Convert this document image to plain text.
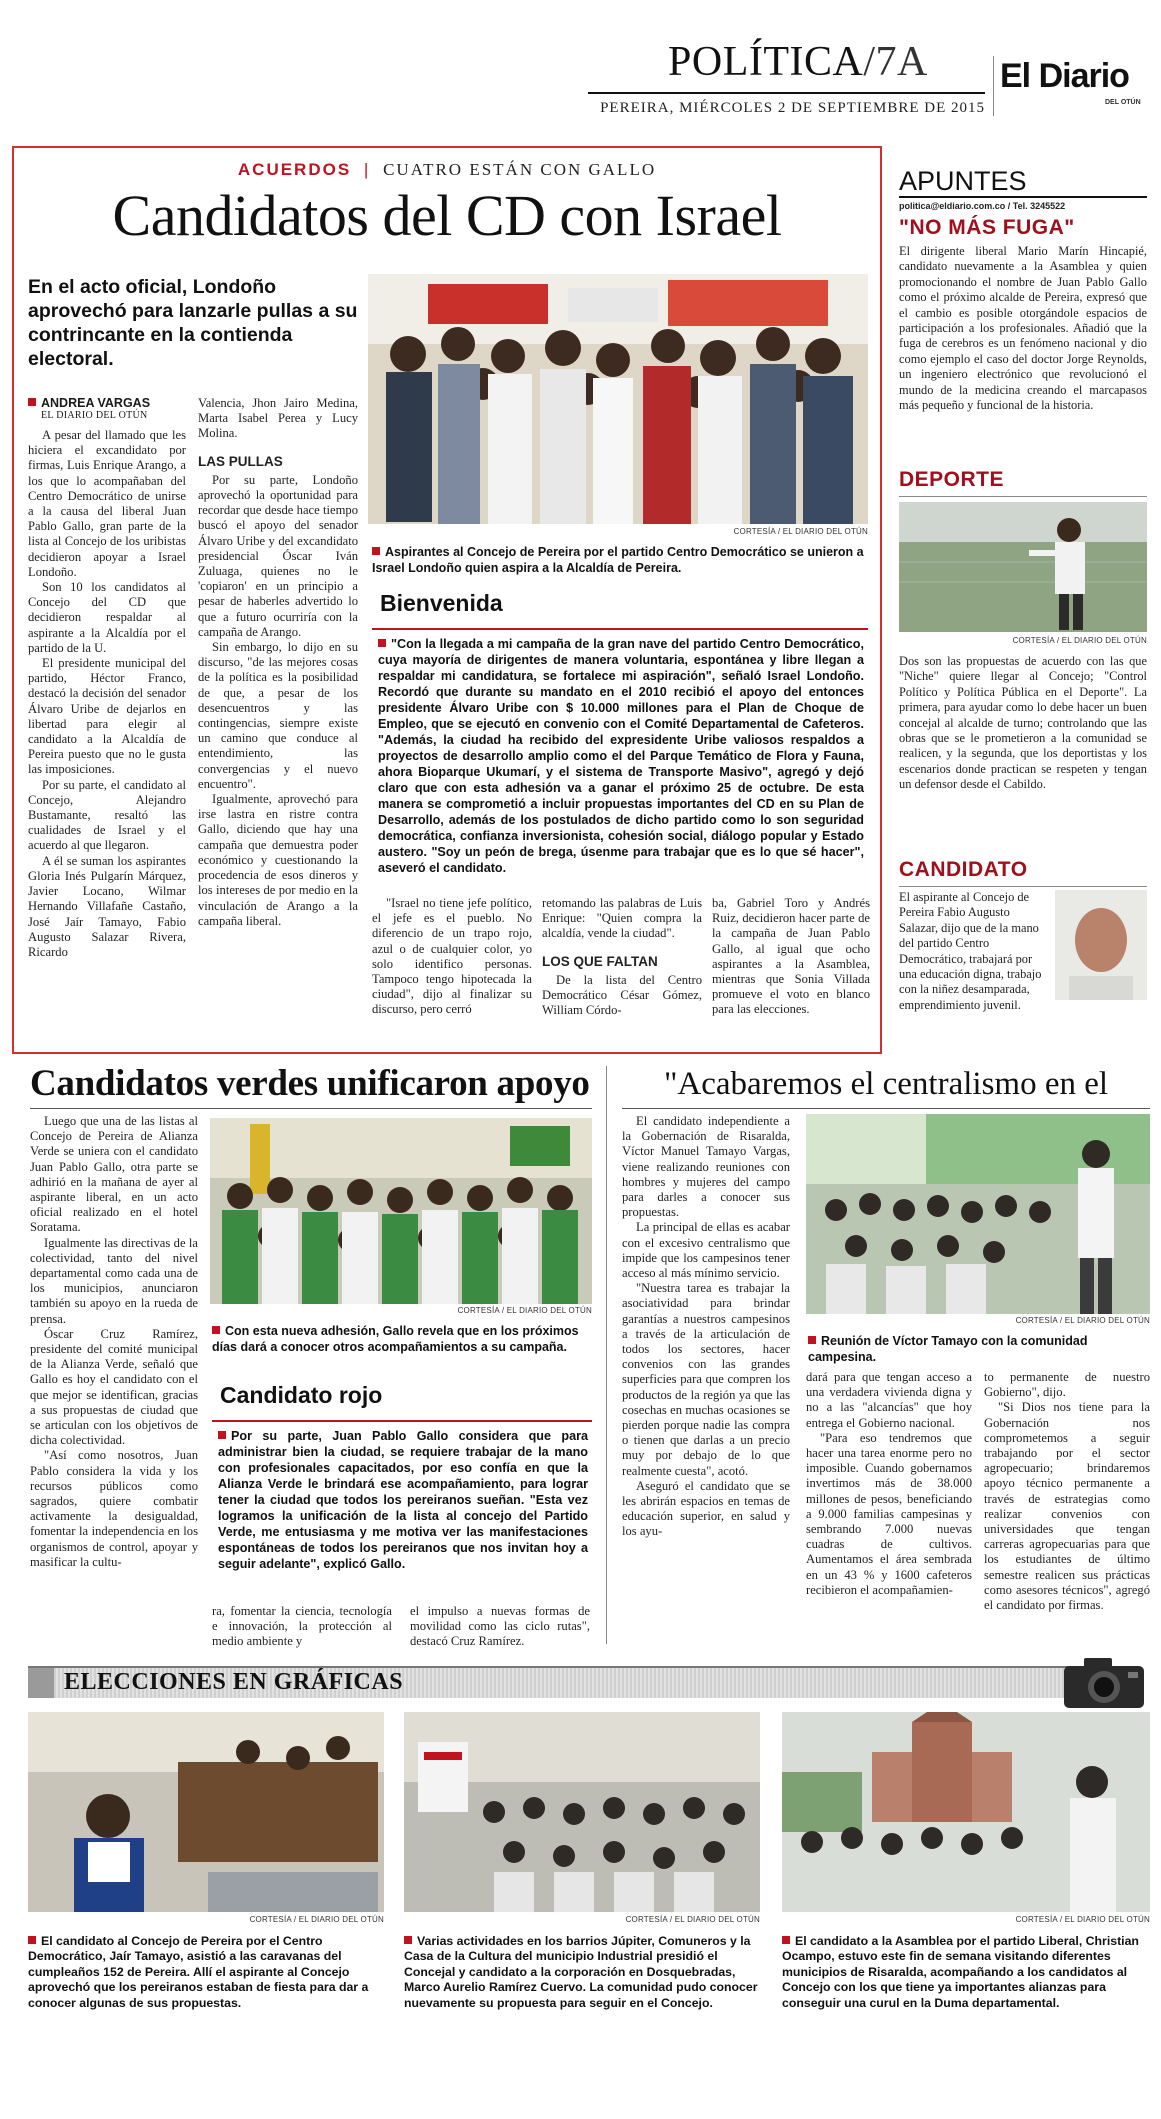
POLÍTICA/7A
PEREIRA, MIÉRCOLES 2 DE SEPTIEMBRE DE 2015
El Diario
DEL OTÚN
ACUERDOS | CUATRO ESTÁN CON GALLO
Candidatos del CD con Israel
En el acto oficial, Londoño aprovechó para lanzarle pullas a su contrincante en la contienda electoral.
ANDREA VARGAS
EL DIARIO DEL OTÚN

A pesar del llamado que les hiciera el excandidato por firmas, Luis Enrique Arango, a los que lo acompañaban del Centro Democrático de unirse a la causa del liberal Juan Pablo Gallo, gran parte de la lista al Concejo de los uribistas decidieron apoyar a Israel Londoño.

Son 10 los candidatos al Concejo del CD que decidieron respaldar al aspirante a la Alcaldía por el partido de la U.

El presidente municipal del partido, Héctor Franco, destacó la decisión del senador Álvaro Uribe de dejarlos en libertad para elegir al candidato a la Alcaldía de Pereira puesto que no le gusta las imposiciones.

Por su parte, el candidato al Concejo, Alejandro Bustamante, resaltó las cualidades de Israel y el acuerdo al que llegaron.

A él se suman los aspirantes Gloria Inés Pulgarín Márquez, Javier Locano, Wilmar Hernando Villafañe Castaño, José Jaír Tamayo, Fabio Augusto Salazar Rivera, Ricardo

Valencia, Jhon Jairo Medina, Marta Isabel Perea y Lucy Molina.

LAS PULLAS

Por su parte, Londoño aprovechó la oportunidad para recordar que desde hace tiempo buscó el apoyo del senador Álvaro Uribe y del excandidato presidencial Óscar Iván Zuluaga, quienes no le 'copiaron' en un principio a pesar de haberles advertido lo que a futuro ocurriría con la campaña de Arango.

Sin embargo, lo dijo en su discurso, "de las mejores cosas de la política es la posibilidad de que, a pesar de los desencuentros y las contingencias, siempre existe un camino que conduce al entendimiento, las convergencias y el nuevo encuentro".

Igualmente, aprovechó para irse lastra en ristre contra Gallo, diciendo que hay una campaña que demuestra poder económico y cuestionando la procedencia de esos dineros y los intereses de por medio en la vinculación de Arango a la campaña liberal.

CORTESÍA / EL DIARIO DEL OTÚN
Aspirantes al Concejo de Pereira por el partido Centro Democrático se unieron a Israel Londoño quien aspira a la Alcaldía de Pereira.
Bienvenida
"Con la llegada a mi campaña de la gran nave del partido Centro Democrático, cuya mayoría de dirigentes de manera voluntaria, espontánea y libre llegan a respaldar mi candidatura, se fortalece mi aspiración", señaló Israel Londoño. Recordó que durante su mandato en el 2010 recibió el apoyo del entonces presidente Álvaro Uribe con $ 10.000 millones para el Plan de Choque de Empleo, que se ejecutó en convenio con el Comité Departamental de Cafeteros. "Además, la ciudad ha recibido del expresidente Uribe valiosos respaldos a proyectos de desarrollo amplio como el del Parque Temático de Flora y Fauna, ahora Bioparque Ukumarí, y el sistema de Transporte Masivo", agregó y dejó claro que con esta adhesión va a ganar el próximo 25 de octubre. De esta manera se comprometió a incluir propuestas importantes del CD en su Plan de Desarrollo, además de los postulados de dicho partido como lo son seguridad democrática, confianza inversionista, cohesión social, diálogo popular y Estado austero. "Soy un peón de brega, úsenme para trabajar que es lo que sé hacer", aseveró el candidato.

"Israel no tiene jefe político, el jefe es el pueblo. No diferencio de un trapo rojo, azul o de cualquier color, yo solo identifico personas. Tampoco tengo hipotecada la ciudad", dijo al finalizar su discurso, pero cerró

retomando las palabras de Luis Enrique: "Quien compra la alcaldía, vende la ciudad".

LOS QUE FALTAN

De la lista del Centro Democrático César Gómez, William Córdo-

ba, Gabriel Toro y Andrés Ruiz, decidieron hacer parte de la campaña de Juan Pablo Gallo, al igual que ocho aspirantes a la Asamblea, mientras que Sonia Villada promueve el voto en blanco para las elecciones.

APUNTES
politica@eldiario.com.co / Tel. 3245522
"NO MÁS FUGA"

El dirigente liberal Mario Marín Hincapié, candidato nuevamente a la Asamblea y quien promocionando el nombre de Juan Pablo Gallo como el próximo alcalde de Pereira, expresó que el cambio es posible otorgándole espacios de participación a los profesionales. Añadió que la fuga de cerebros es un fenómeno nacional y dio como ejemplo el caso del doctor Jorge Reynolds, un ingeniero electrónico que revolucionó el mundo de la medicina creando el marcapasos más pequeño y funcional de la historia.

DEPORTE
CORTESÍA / EL DIARIO DEL OTÚN

Dos son las propuestas de acuerdo con las que "Niche" quiere llegar al Concejo; "Control Político y Política Pública en el Deporte". La primera, para ayudar como lo debe hacer un buen concejal al alcalde de turno; controlando que las obras que se le prometieron a la comunidad se realicen, y la segunda, que los deportistas y los escenarios donde practican se respeten y tengan un defensor desde el Cabildo.

CANDIDATO

El aspirante al Concejo de Pereira Fabio Augusto Salazar, dijo que de la mano del partido Centro Democrático, trabajará por una educación digna, trabajo con la niñez desamparada, emprendimiento juvenil.

Candidatos verdes unificaron apoyo

Luego que una de las listas al Concejo de Pereira de Alianza Verde se uniera con el candidato Juan Pablo Gallo, otra parte se adhirió en la mañana de ayer al aspirante liberal, en un acto oficial realizado en el hotel Soratama.

Igualmente las directivas de la colectividad, tanto del nivel departamental como cada una de los municipios, anunciaron también su apoyo en la rueda de prensa.

Óscar Cruz Ramírez, presidente del comité municipal de la Alianza Verde, señaló que Gallo es hoy el candidato con el que mejor se identifican, gracias a sus propuestas de ciudad que se articulan con los objetivos de dicha colectividad.

"Así como nosotros, Juan Pablo considera la vida y los recursos públicos como sagrados, quiere combatir activamente la desigualdad, fomentar la independencia en los organismos de control, apoyar y masificar la cultu-

CORTESÍA / EL DIARIO DEL OTÚN
Con esta nueva adhesión, Gallo revela que en los próximos días dará a conocer otros acompañamientos a su campaña.
Candidato rojo
Por su parte, Juan Pablo Gallo considera que para administrar bien la ciudad, se requiere trabajar de la mano con profesionales capacitados, por eso confía en que la Alianza Verde le brindará ese acompañamiento, para lograr tener la ciudad que todos los pereiranos sueñan. "Esta vez logramos la unificación de la lista al concejo del Partido Verde, me entusiasma y me motiva ver las manifestaciones espontáneas de todos los pereiranos que nos invitan hoy a seguir adelante", explicó Gallo.

ra, fomentar la ciencia, tecnología e innovación, la protección al medio ambiente y

el impulso a nuevas formas de movilidad como las ciclo rutas", destacó Cruz Ramírez.

"Acabaremos el centralismo en el

El candidato independiente a la Gobernación de Risaralda, Víctor Manuel Tamayo Vargas, viene realizando reuniones con hombres y mujeres del campo para darles a conocer sus propuestas.

La principal de ellas es acabar con el excesivo centralismo que impide que los campesinos tener acceso al más mínimo servicio.

"Nuestra tarea es trabajar la asociatividad para brindar garantías a nuestros campesinos a través de la articulación de todos los sectores, hacer convenios con las grandes superficies para que compren los productos de la región ya que las cosechas en muchas ocasiones se pierden porque nadie las compra o tienen que darlas a un precio muy por debajo de lo que realmente cuesta", acotó.

Aseguró el candidato que se les abrirán espacios en temas de educación superior, en salud y los ayu-

CORTESÍA / EL DIARIO DEL OTÚN
Reunión de Víctor Tamayo con la comunidad campesina.

dará para que tengan acceso a una verdadera vivienda digna y no a las "alcancías" que hoy entrega el Gobierno nacional.

"Para eso tendremos que hacer una tarea enorme pero no imposible. Cuando gobernamos invertimos más de 38.000 millones de pesos, beneficiando a 9.000 familias campesinas y sembrando 7.000 nuevas cuadras de cultivos. Aumentamos el área sembrada en un 43 % y 1600 cafeteros recibieron el acompañamien-

to permanente de nuestro Gobierno", dijo.

"Si Dios nos tiene para la Gobernación nos comprometemos a seguir trabajando por el sector agropecuario; brindaremos apoyo técnico permanente a través de estrategias como realizar convenios con universidades que tengan carreras agropecuarias para que los estudiantes de último semestre realicen sus prácticas como asesores técnicos", agregó el candidato por firmas.

ELECCIONES EN GRÁFICAS
CORTESÍA / EL DIARIO DEL OTÚN	CORTESÍA / EL DIARIO DEL OTÚN	CORTESÍA / EL DIARIO DEL OTÚN
El candidato al Concejo de Pereira por el Centro Democrático, Jaír Tamayo, asistió a las caravanas del cumpleaños 152 de Pereira. Allí el aspirante al Concejo aprovechó que los pereiranos estaban de fiesta para dar a conocer algunas de sus propuestas.
Varias actividades en los barrios Júpiter, Comuneros y la Casa de la Cultura del municipio Industrial presidió el Concejal y candidato a la corporación en Dosquebradas, Marco Aurelio Ramírez Cuervo. La comunidad pudo conocer nuevamente su propuesta para seguir en el Concejo.
El candidato a la Asamblea por el partido Liberal, Christian Ocampo, estuvo este fin de semana visitando diferentes municipios de Risaralda, acompañando a los candidatos al Concejo con los que tiene ya importantes alianzas para conseguir una curul en la Duma departamental.
